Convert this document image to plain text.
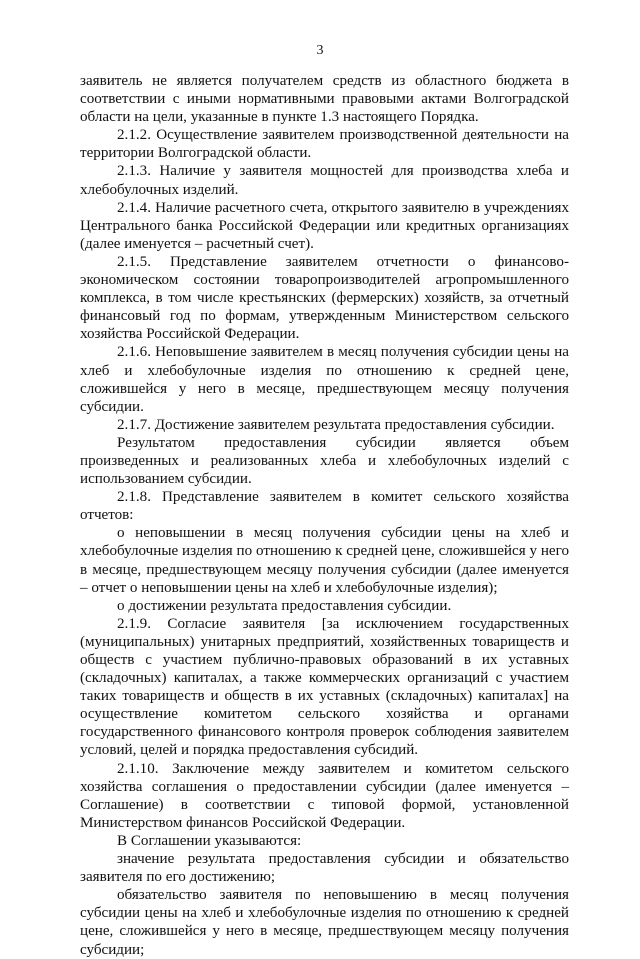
3

заявитель не является получателем средств из областного бюджета в соответствии с иными нормативными правовыми актами Волгоградской области на цели, указанные в пункте 1.3 настоящего Порядка.

2.1.2. Осуществление заявителем производственной деятельности на территории Волгоградской области.

2.1.3. Наличие у заявителя мощностей для производства хлеба и хлебобулочных изделий.

2.1.4. Наличие расчетного счета, открытого заявителю в учреждениях Центрального банка Российской Федерации или кредитных организациях (далее именуется – расчетный счет).

2.1.5. Представление заявителем отчетности о финансово-экономическом состоянии товаропроизводителей агропромышленного комплекса, в том числе крестьянских (фермерских) хозяйств, за отчетный финансовый год по формам, утвержденным Министерством сельского хозяйства Российской Федерации.

2.1.6. Неповышение заявителем в месяц получения субсидии цены на хлеб и хлебобулочные изделия по отношению к средней цене, сложившейся у него в месяце, предшествующем месяцу получения субсидии.

2.1.7. Достижение заявителем результата предоставления субсидии.

Результатом предоставления субсидии является объем произведенных и реализованных хлеба и хлебобулочных изделий с использованием субсидии.

2.1.8. Представление заявителем в комитет сельского хозяйства отчетов:

о неповышении в месяц получения субсидии цены на хлеб и хлебобулочные изделия по отношению к средней цене, сложившейся у него в месяце, предшествующем месяцу получения субсидии (далее именуется – отчет о неповышении цены на хлеб и хлебобулочные изделия);

о достижении результата предоставления субсидии.

2.1.9. Согласие заявителя [за исключением государственных (муниципальных) унитарных предприятий, хозяйственных товариществ и обществ с участием публично-правовых образований в их уставных (складочных) капиталах, а также коммерческих организаций с участием таких товариществ и обществ в их уставных (складочных) капиталах] на осуществление комитетом сельского хозяйства и органами государственного финансового контроля проверок соблюдения заявителем условий, целей и порядка предоставления субсидий.

2.1.10. Заключение между заявителем и комитетом сельского хозяйства соглашения о предоставлении субсидии (далее именуется – Соглашение) в соответствии с типовой формой, установленной Министерством финансов Российской Федерации.

В Соглашении указываются:

значение результата предоставления субсидии и обязательство заявителя по его достижению;

обязательство заявителя по неповышению в месяц получения субсидии цены на хлеб и хлебобулочные изделия по отношению к средней цене, сложившейся у него в месяце, предшествующем месяцу получения субсидии;
